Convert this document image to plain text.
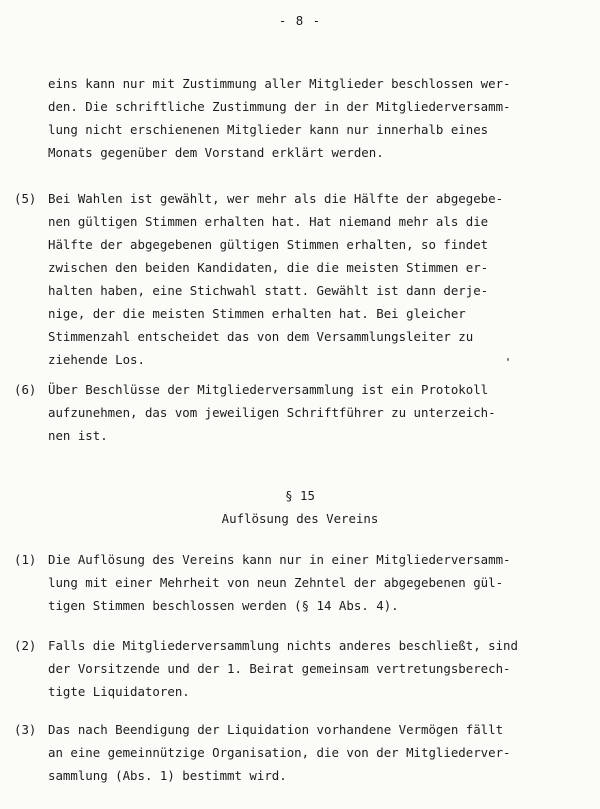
- 8 -
eins kann nur mit Zustimmung aller Mitglieder beschlossen wer-
den. Die schriftliche Zustimmung der in der Mitgliederversamm-
lung nicht erschienenen Mitglieder kann nur innerhalb eines
Monats gegenüber dem Vorstand erklärt werden.
(5) Bei Wahlen ist gewählt, wer mehr als die Hälfte der abgegebe-
nen gültigen Stimmen erhalten hat. Hat niemand mehr als die
Hälfte der abgegebenen gültigen Stimmen erhalten, so findet
zwischen den beiden Kandidaten, die die meisten Stimmen er-
halten haben, eine Stichwahl statt. Gewählt ist dann derje-
nige, der die meisten Stimmen erhalten hat. Bei gleicher
Stimmenzahl entscheidet das von dem Versammlungsleiter zu
ziehende Los.
(6) Über Beschlüsse der Mitgliederversammlung ist ein Protokoll
aufzunehmen, das vom jeweiligen Schriftführer zu unterzeich-
nen ist.
§ 15
Auflösung des Vereins
(1) Die Auflösung des Vereins kann nur in einer Mitgliederversamm-
lung mit einer Mehrheit von neun Zehntel der abgegebenen gül-
tigen Stimmen beschlossen werden (§ 14 Abs. 4).
(2) Falls die Mitgliederversammlung nichts anderes beschließt, sind
der Vorsitzende und der 1. Beirat gemeinsam vertretungsberech-
tigte Liquidatoren.
(3) Das nach Beendigung der Liquidation vorhandene Vermögen fällt
an eine gemeinnützige Organisation, die von der Mitgliederver-
sammlung (Abs. 1) bestimmt wird.
